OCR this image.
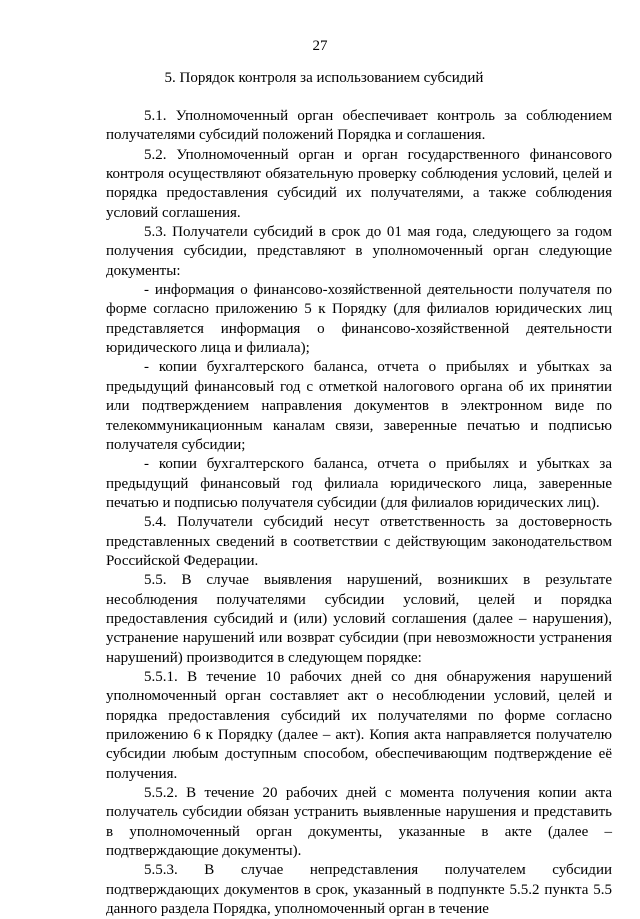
27
5. Порядок контроля за использованием субсидий

5.1. Уполномоченный орган обеспечивает контроль за соблюдением получателями субсидий положений Порядка и соглашения.

5.2. Уполномоченный орган и орган государственного финансового контроля осуществляют обязательную проверку соблюдения условий, целей и порядка предоставления субсидий их получателями, а также соблюдения условий соглашения.

5.3. Получатели субсидий в срок до 01 мая года, следующего за годом получения субсидии, представляют в уполномоченный орган следующие документы:

- информация о финансово-хозяйственной деятельности получателя по форме согласно приложению 5 к Порядку (для филиалов юридических лиц представляется информация о финансово-хозяйственной деятельности юридического лица и филиала);

- копии бухгалтерского баланса, отчета о прибылях и убытках за предыдущий финансовый год с отметкой налогового органа об их принятии или подтверждением направления документов в электронном виде по телекоммуникационным каналам связи, заверенные печатью и подписью получателя субсидии;

- копии бухгалтерского баланса, отчета о прибылях и убытках за предыдущий финансовый год филиала юридического лица, заверенные печатью и подписью получателя субсидии (для филиалов юридических лиц).

5.4. Получатели субсидий несут ответственность за достоверность представленных сведений в соответствии с действующим законодательством Российской Федерации.

5.5. В случае выявления нарушений, возникших в результате несоблюдения получателями субсидии условий, целей и порядка предоставления субсидий и (или) условий соглашения (далее – нарушения), устранение нарушений или возврат субсидии (при невозможности устранения нарушений) производится в следующем порядке:

5.5.1. В течение 10 рабочих дней со дня обнаружения нарушений уполномоченный орган составляет акт о несоблюдении условий, целей и порядка предоставления субсидий их получателями по форме согласно приложению 6 к Порядку (далее – акт). Копия акта направляется получателю субсидии любым доступным способом, обеспечивающим подтверждение её получения.

5.5.2. В течение 20 рабочих дней с момента получения копии акта получатель субсидии обязан устранить выявленные нарушения и представить в уполномоченный орган документы, указанные в акте (далее – подтверждающие документы).

5.5.3. В случае непредставления получателем субсидии подтверждающих документов в срок, указанный в подпункте 5.5.2 пункта 5.5 данного раздела Порядка, уполномоченный орган в течение
